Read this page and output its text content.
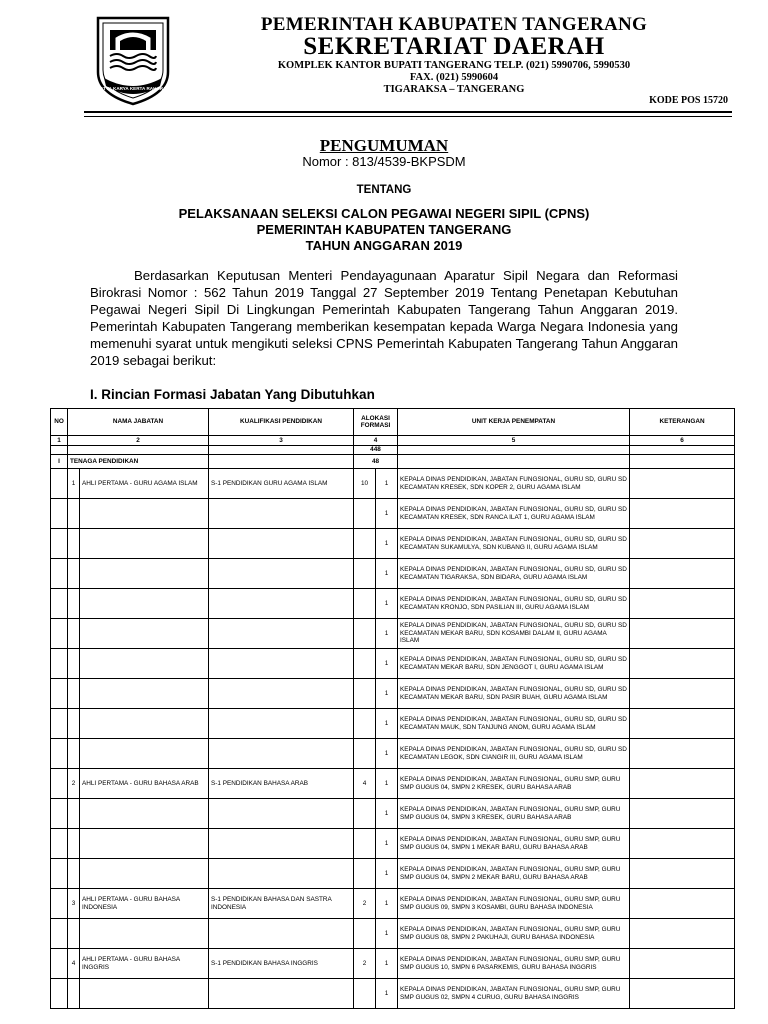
SATYA KARYA KERTA RAHARJA
PEMERINTAH KABUPATEN TANGERANG
SEKRETARIAT DAERAH
KOMPLEK KANTOR BUPATI TANGERANG TELP. (021) 5990706, 5990530
FAX. (021) 5990604
TIGARAKSA – TANGERANG
KODE POS 15720
PENGUMUMAN
Nomor : 813/4539-BKPSDM
TENTANG
PELAKSANAAN SELEKSI CALON PEGAWAI NEGERI SIPIL (CPNS)
PEMERINTAH KABUPATEN TANGERANG
TAHUN ANGGARAN 2019
Berdasarkan Keputusan Menteri Pendayagunaan Aparatur Sipil Negara dan Reformasi Birokrasi Nomor : 562 Tahun 2019 Tanggal 27 September 2019 Tentang Penetapan Kebutuhan Pegawai Negeri Sipil Di Lingkungan Pemerintah Kabupaten Tangerang Tahun Anggaran 2019. Pemerintah Kabupaten Tangerang memberikan kesempatan kepada Warga Negara Indonesia yang memenuhi syarat untuk mengikuti seleksi CPNS Pemerintah Kabupaten Tangerang Tahun Anggaran 2019 sebagai berikut:
I. Rincian Formasi Jabatan Yang Dibutuhkan
NO	NAMA JABATAN		KUALIFIKASI PENDIDIKAN	ALOKASI FORMASI		UNIT KERJA PENEMPATAN	KETERANGAN
1	2		3	4		5	6
				448			
I	TENAGA PENDIDIKAN			48			
	1	AHLI PERTAMA - GURU AGAMA ISLAM	S-1 PENDIDIKAN GURU AGAMA ISLAM	10	1	KEPALA DINAS PENDIDIKAN, JABATAN FUNGSIONAL, GURU SD, GURU SD KECAMATAN KRESEK, SDN KOPER 2, GURU AGAMA ISLAM	
					1	KEPALA DINAS PENDIDIKAN, JABATAN FUNGSIONAL, GURU SD, GURU SD KECAMATAN KRESEK, SDN RANCA ILAT 1, GURU AGAMA ISLAM	
					1	KEPALA DINAS PENDIDIKAN, JABATAN FUNGSIONAL, GURU SD, GURU SD KECAMATAN SUKAMULYA, SDN KUBANG II, GURU AGAMA ISLAM	
					1	KEPALA DINAS PENDIDIKAN, JABATAN FUNGSIONAL, GURU SD, GURU SD KECAMATAN TIGARAKSA, SDN BIDARA, GURU AGAMA ISLAM	
					1	KEPALA DINAS PENDIDIKAN, JABATAN FUNGSIONAL, GURU SD, GURU SD KECAMATAN KRONJO, SDN PASILIAN III, GURU AGAMA ISLAM	
					1	KEPALA DINAS PENDIDIKAN, JABATAN FUNGSIONAL, GURU SD, GURU SD KECAMATAN MEKAR BARU, SDN KOSAMBI DALAM II, GURU AGAMA ISLAM	
					1	KEPALA DINAS PENDIDIKAN, JABATAN FUNGSIONAL, GURU SD, GURU SD KECAMATAN MEKAR BARU, SDN JENGGOT I, GURU AGAMA ISLAM	
					1	KEPALA DINAS PENDIDIKAN, JABATAN FUNGSIONAL, GURU SD, GURU SD KECAMATAN MEKAR BARU, SDN PASIR BUAH, GURU AGAMA ISLAM	
					1	KEPALA DINAS PENDIDIKAN, JABATAN FUNGSIONAL, GURU SD, GURU SD KECAMATAN MAUK, SDN TANJUNG ANOM, GURU AGAMA ISLAM	
					1	KEPALA DINAS PENDIDIKAN, JABATAN FUNGSIONAL, GURU SD, GURU SD KECAMATAN LEGOK, SDN CIANGIR III, GURU AGAMA ISLAM	
	2	AHLI PERTAMA - GURU BAHASA ARAB	S-1 PENDIDIKAN BAHASA ARAB	4	1	KEPALA DINAS PENDIDIKAN, JABATAN FUNGSIONAL, GURU SMP, GURU SMP GUGUS 04, SMPN 2 KRESEK, GURU BAHASA ARAB	
					1	KEPALA DINAS PENDIDIKAN, JABATAN FUNGSIONAL, GURU SMP, GURU SMP GUGUS 04, SMPN 3 KRESEK, GURU BAHASA ARAB	
					1	KEPALA DINAS PENDIDIKAN, JABATAN FUNGSIONAL, GURU SMP, GURU SMP GUGUS 04, SMPN 1 MEKAR BARU, GURU BAHASA ARAB	
					1	KEPALA DINAS PENDIDIKAN, JABATAN FUNGSIONAL, GURU SMP, GURU SMP GUGUS 04, SMPN 2 MEKAR BARU, GURU BAHASA ARAB	
	3	AHLI PERTAMA - GURU BAHASA INDONESIA	S-1 PENDIDIKAN BAHASA DAN SASTRA INDONESIA	2	1	KEPALA DINAS PENDIDIKAN, JABATAN FUNGSIONAL, GURU SMP, GURU SMP GUGUS 09, SMPN 3 KOSAMBI, GURU BAHASA INDONESIA	
					1	KEPALA DINAS PENDIDIKAN, JABATAN FUNGSIONAL, GURU SMP, GURU SMP GUGUS 08, SMPN 2 PAKUHAJI, GURU BAHASA INDONESIA	
	4	AHLI PERTAMA - GURU BAHASA INGGRIS	S-1 PENDIDIKAN BAHASA INGGRIS	2	1	KEPALA DINAS PENDIDIKAN, JABATAN FUNGSIONAL, GURU SMP, GURU SMP GUGUS 10, SMPN 6 PASARKEMIS, GURU BAHASA INGGRIS	
					1	KEPALA DINAS PENDIDIKAN, JABATAN FUNGSIONAL, GURU SMP, GURU SMP GUGUS 02, SMPN 4 CURUG, GURU BAHASA INGGRIS	
